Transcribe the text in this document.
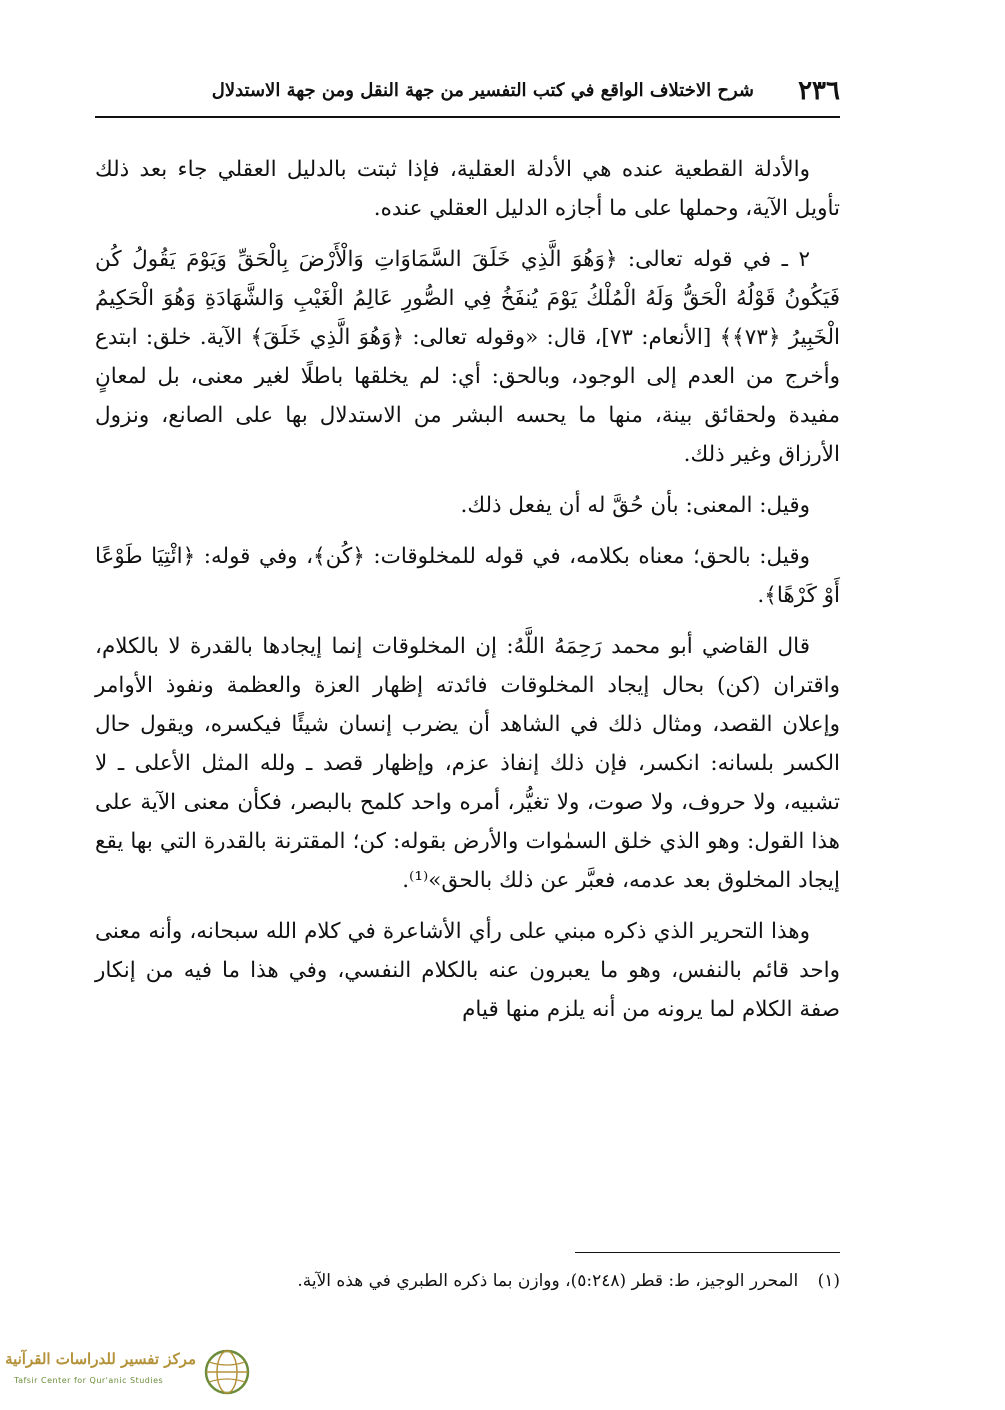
٢٣٦
شرح الاختلاف الواقع في كتب التفسير من جهة النقل ومن جهة الاستدلال

والأدلة القطعية عنده هي الأدلة العقلية، فإذا ثبتت بالدليل العقلي جاء بعد ذلك تأويل الآية، وحملها على ما أجازه الدليل العقلي عنده.

٢ ـ في قوله تعالى: ﴿وَهُوَ الَّذِي خَلَقَ السَّمَاوَاتِ وَالْأَرْضَ بِالْحَقِّ وَيَوْمَ يَقُولُ كُن فَيَكُونُ قَوْلُهُ الْحَقُّ وَلَهُ الْمُلْكُ يَوْمَ يُنفَخُ فِي الصُّورِ عَالِمُ الْغَيْبِ وَالشَّهَادَةِ وَهُوَ الْحَكِيمُ الْخَبِيرُ ﴿٧٣﴾﴾ [الأنعام: ٧٣]، قال: «وقوله تعالى: ﴿وَهُوَ الَّذِي خَلَقَ﴾ الآية. خلق: ابتدع وأخرج من العدم إلى الوجود، وبالحق: أي: لم يخلقها باطلًا لغير معنى، بل لمعانٍ مفيدة ولحقائق بينة، منها ما يحسه البشر من الاستدلال بها على الصانع، ونزول الأرزاق وغير ذلك.

وقيل: المعنى: بأن حُقَّ له أن يفعل ذلك.

وقيل: بالحق؛ معناه بكلامه، في قوله للمخلوقات: ﴿كُن﴾، وفي قوله: ﴿ائْتِيَا طَوْعًا أَوْ كَرْهًا﴾.

قال القاضي أبو محمد رَحِمَهُ اللَّهُ: إن المخلوقات إنما إيجادها بالقدرة لا بالكلام، واقتران (كن) بحال إيجاد المخلوقات فائدته إظهار العزة والعظمة ونفوذ الأوامر وإعلان القصد، ومثال ذلك في الشاهد أن يضرب إنسان شيئًا فيكسره، ويقول حال الكسر بلسانه: انكسر، فإن ذلك إنفاذ عزم، وإظهار قصد ـ ولله المثل الأعلى ـ لا تشبيه، ولا حروف، ولا صوت، ولا تغيُّر، أمره واحد كلمح بالبصر، فكأن معنى الآية على هذا القول: وهو الذي خلق السمٰوات والأرض بقوله: كن؛ المقترنة بالقدرة التي بها يقع إيجاد المخلوق بعد عدمه، فعبَّر عن ذلك بالحق»⁽¹⁾.

وهذا التحرير الذي ذكره مبني على رأي الأشاعرة في كلام الله سبحانه، وأنه معنى واحد قائم بالنفس، وهو ما يعبرون عنه بالكلام النفسي، وفي هذا ما فيه من إنكار صفة الكلام لما يرونه من أنه يلزم منها قيام

(١) المحرر الوجيز، ط: قطر (٥:٢٤٨)، ووازن بما ذكره الطبري في هذه الآية.
مركز تفسير للدراسات القرآنية
Tafsir Center for Qur'anic Studies
